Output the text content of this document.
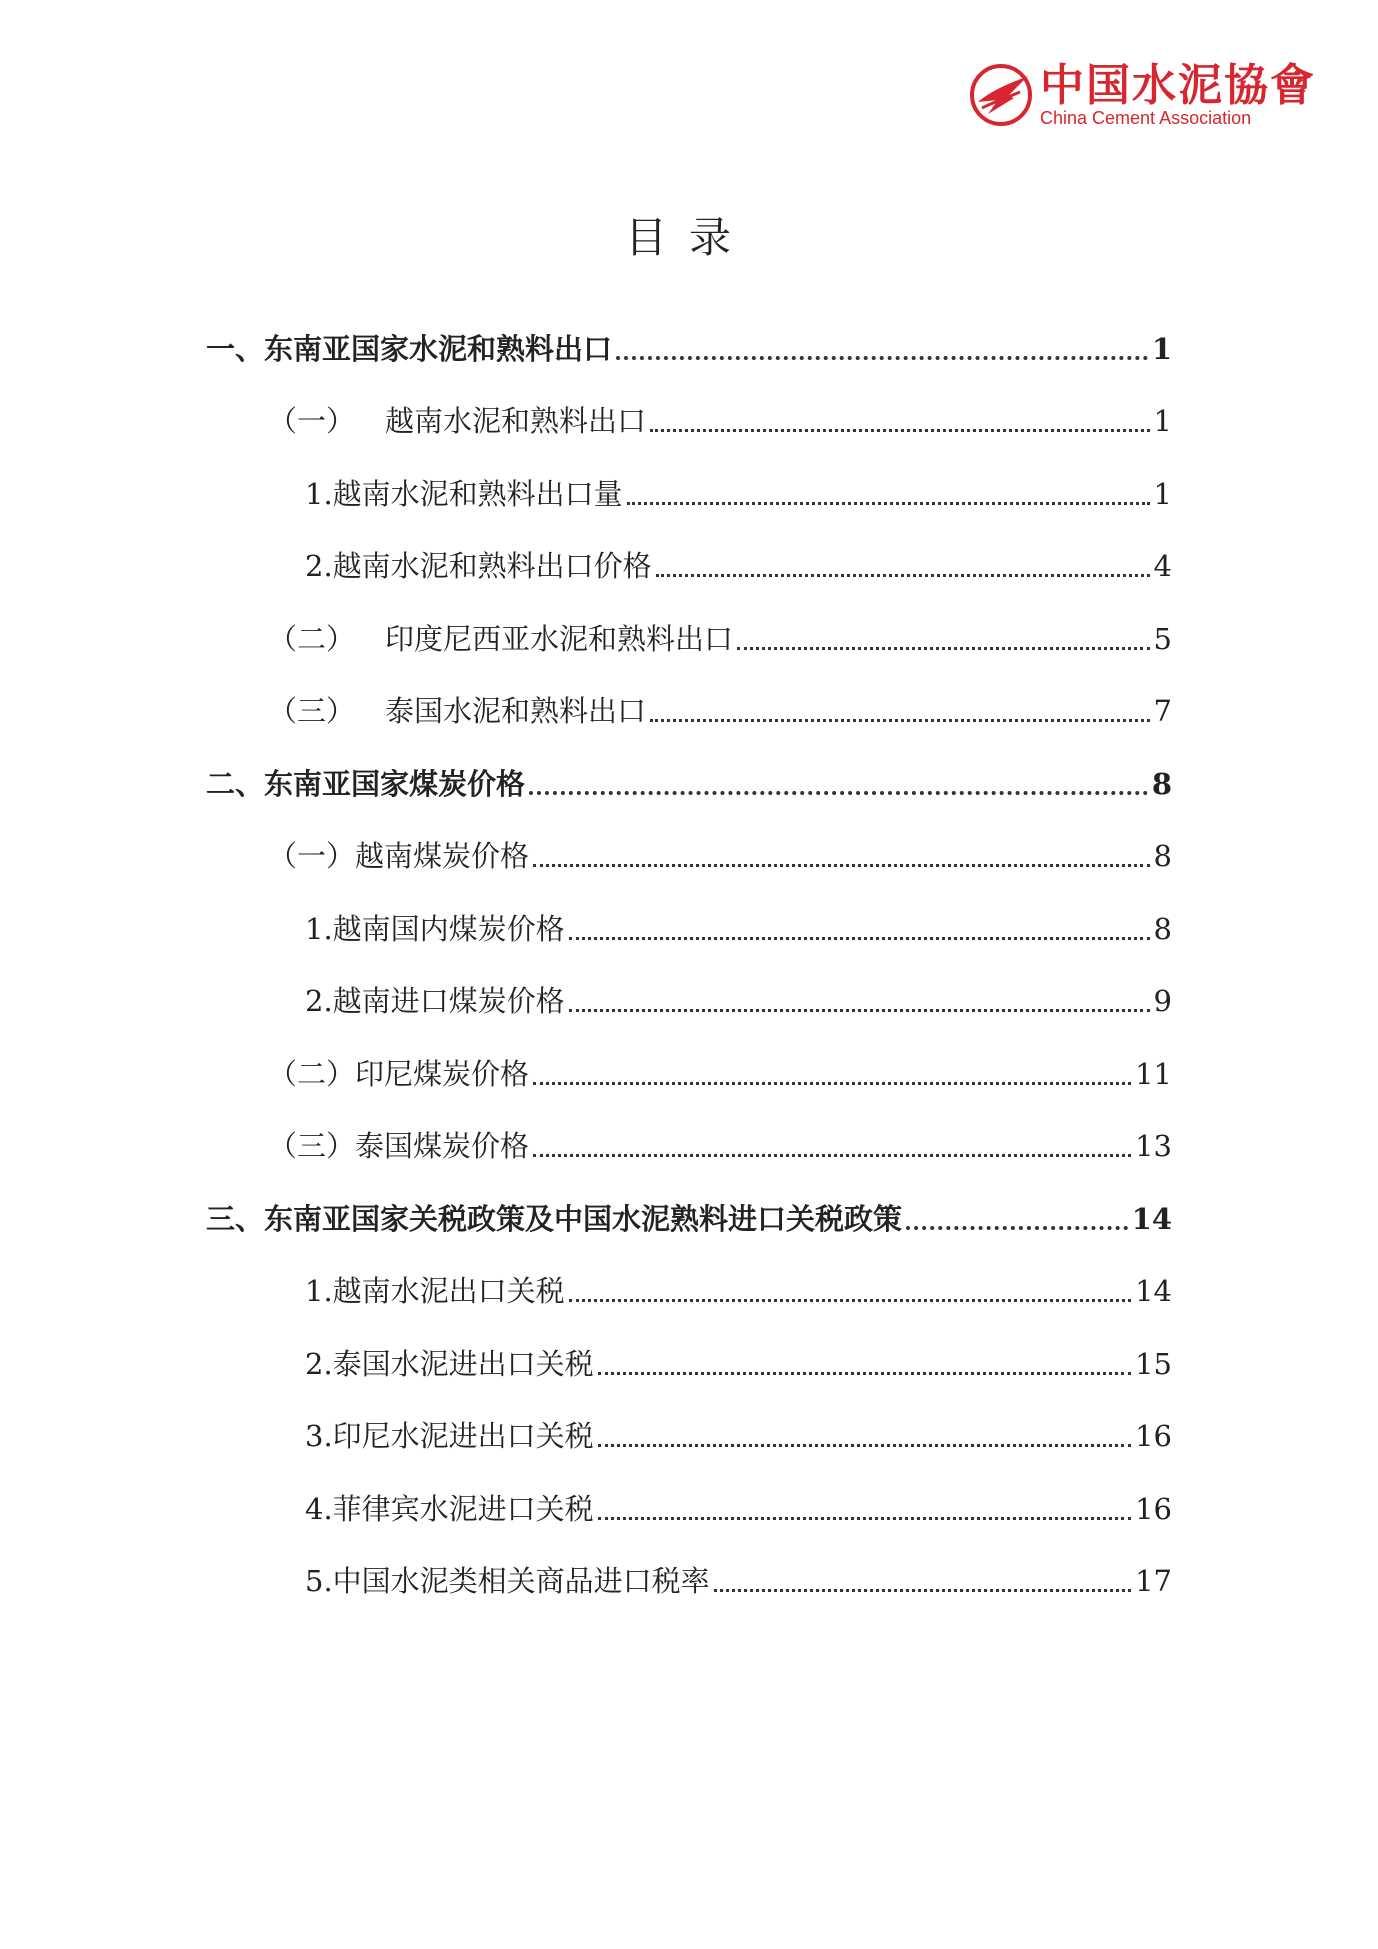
中国水泥協會
China Cement Association
目录
一、东南亚国家水泥和熟料出口	1
（一） 越南水泥和熟料出口	1
1.越南水泥和熟料出口量	1
2.越南水泥和熟料出口价格	4
（二） 印度尼西亚水泥和熟料出口	5
（三） 泰国水泥和熟料出口	7
二、东南亚国家煤炭价格	8
（一）越南煤炭价格	8
1.越南国内煤炭价格	8
2.越南进口煤炭价格	9
（二）印尼煤炭价格	11
（三）泰国煤炭价格	13
三、东南亚国家关税政策及中国水泥熟料进口关税政策	14
1.越南水泥出口关税	14
2.泰国水泥进出口关税	15
3.印尼水泥进出口关税	16
4.菲律宾水泥进口关税	16
5.中国水泥类相关商品进口税率	17
